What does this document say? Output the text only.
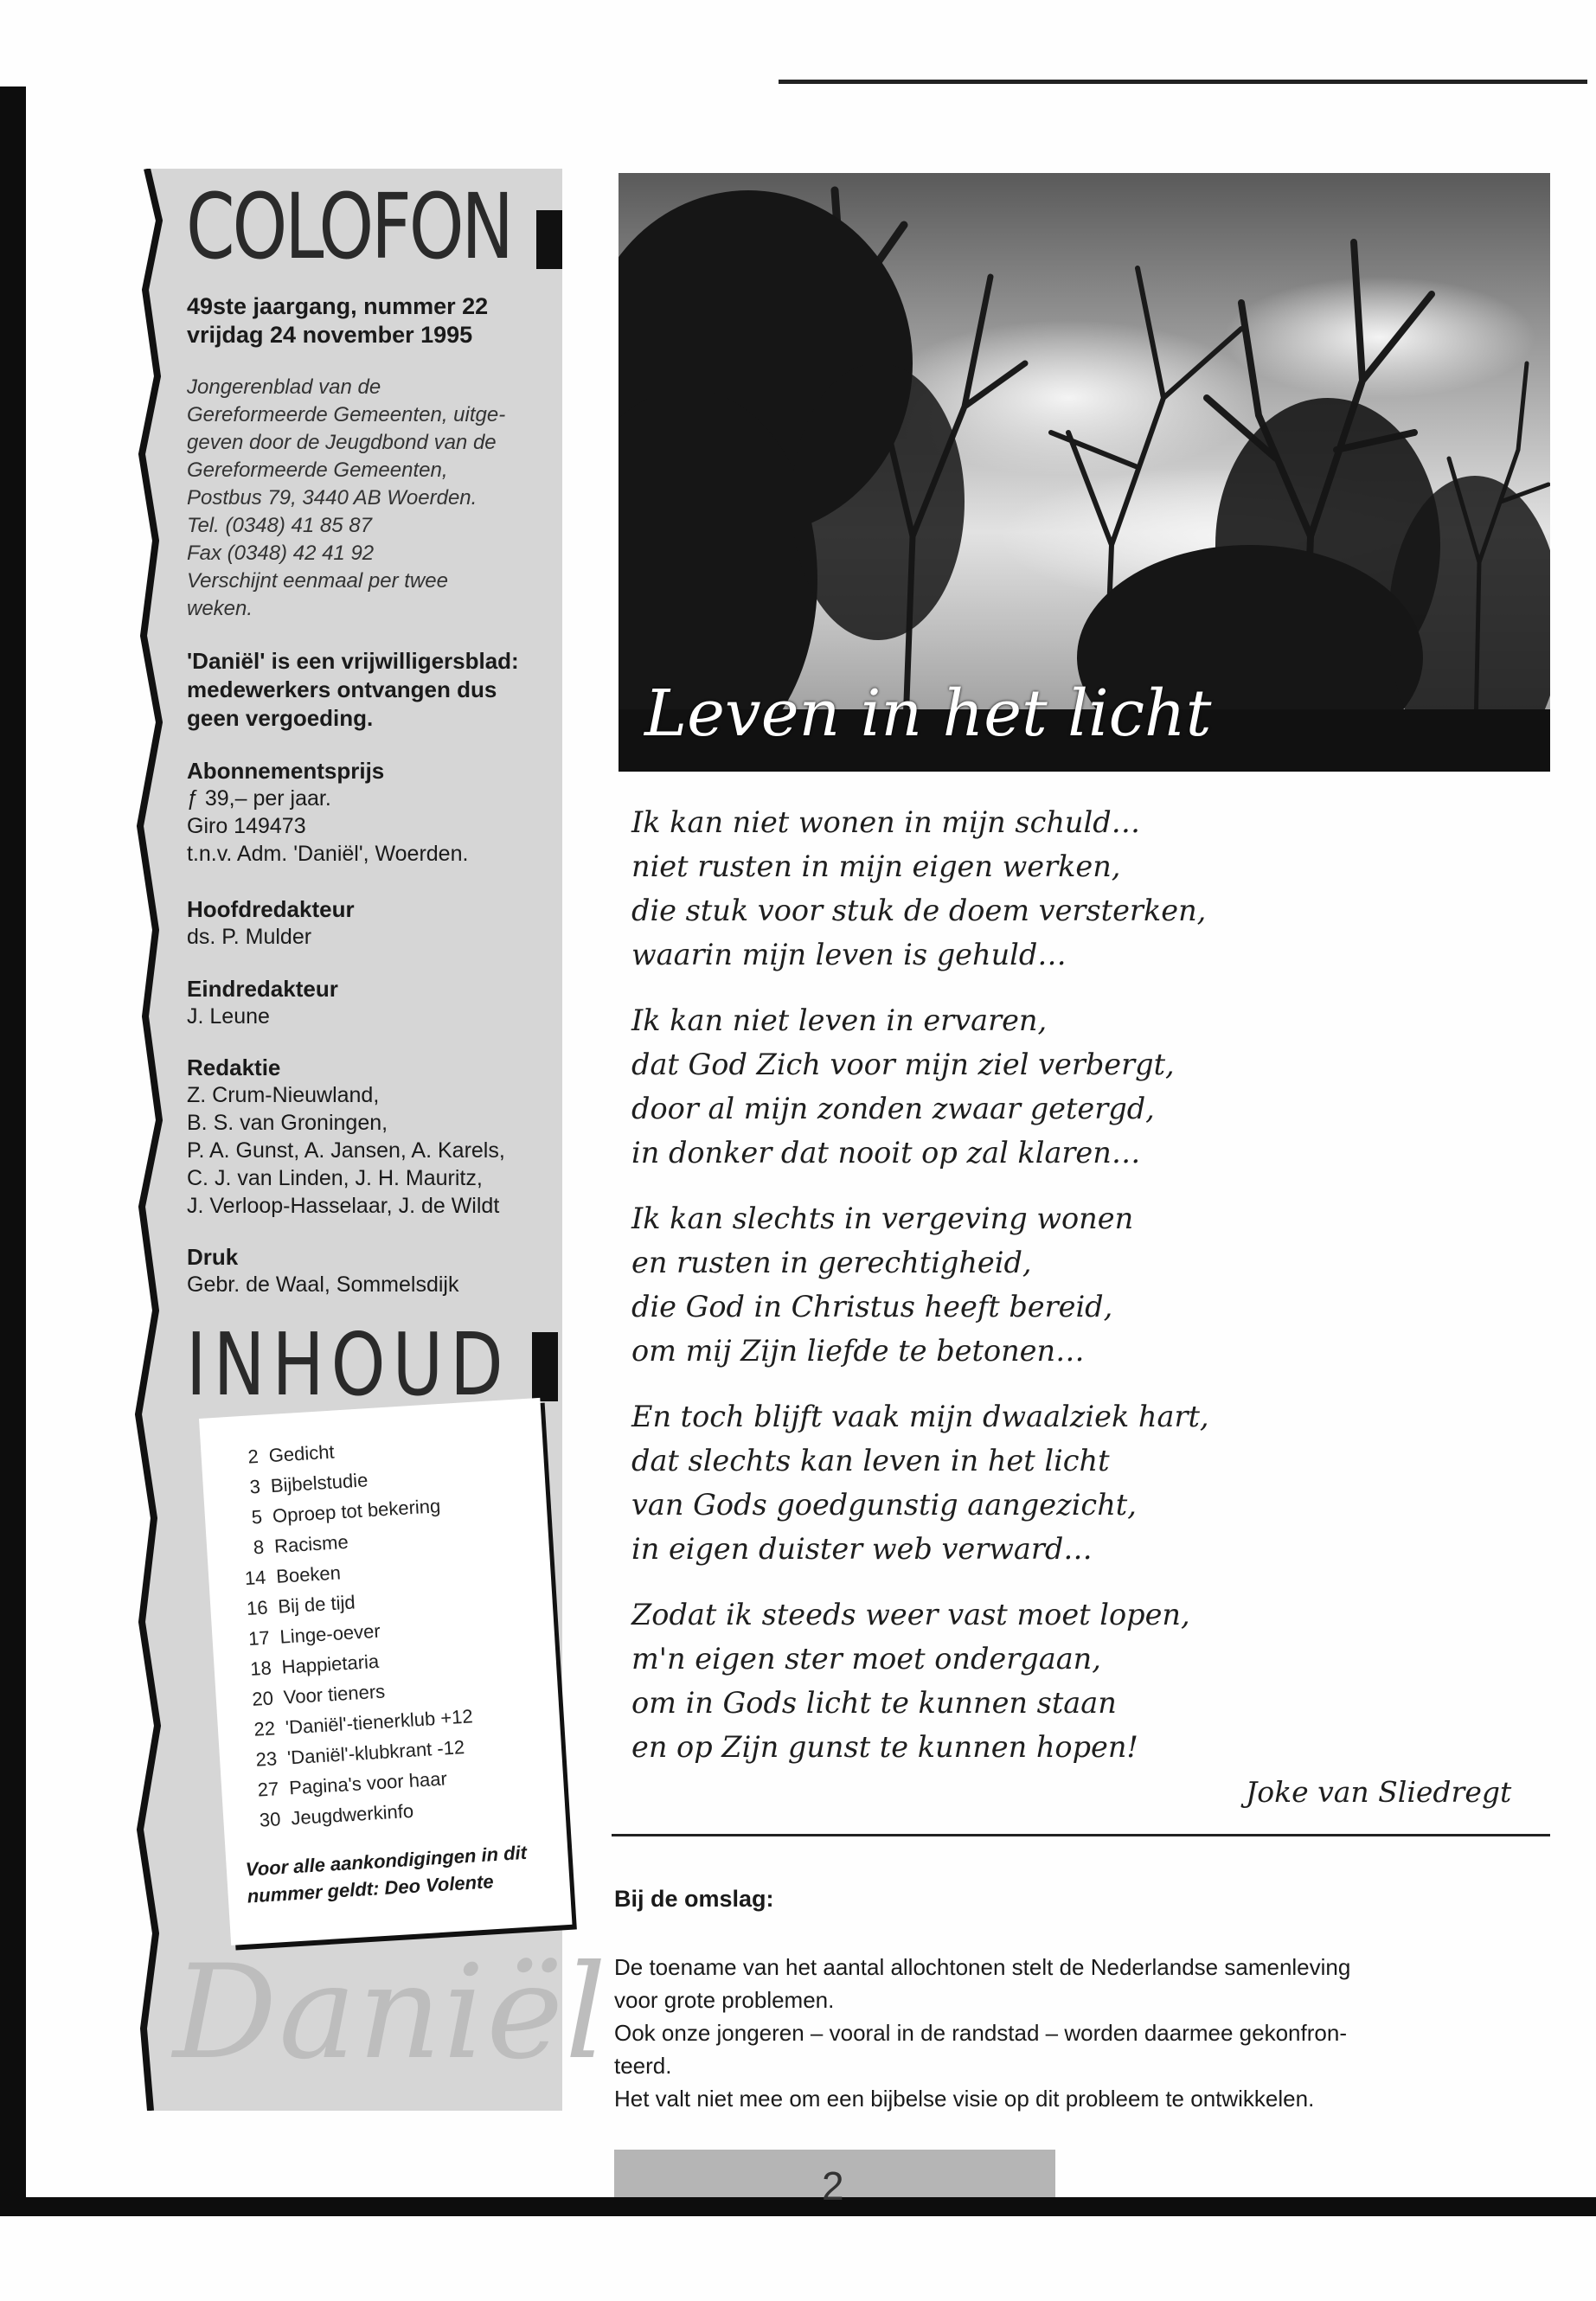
COLOFON
49ste jaargang, nummer 22
vrijdag 24 november 1995
Jongerenblad van de
Gereformeerde Gemeenten, uitge-
geven door de Jeugdbond van de
Gereformeerde Gemeenten,
Postbus 79, 3440 AB Woerden.
Tel. (0348) 41 85 87
Fax (0348) 42 41 92
Verschijnt eenmaal per twee
weken.
'Daniël' is een vrijwilligersblad:
medewerkers ontvangen dus
geen vergoeding.
Abonnementsprijs
ƒ 39,– per jaar.
Giro 149473
t.n.v. Adm. 'Daniël', Woerden.
Hoofdredakteur
ds. P. Mulder
Eindredakteur
J. Leune
Redaktie
Z. Crum-Nieuwland,
B. S. van Groningen,
P. A. Gunst, A. Jansen, A. Karels,
C. J. van Linden, J. H. Mauritz,
J. Verloop-Hasselaar, J. de Wildt
Druk
Gebr. de Waal, Sommelsdijk
INHOUD
2 Gedicht
3 Bijbelstudie
5 Oproep tot bekering
8 Racisme
14 Boeken
16 Bij de tijd
17 Linge-oever
18 Happietaria
20 Voor tieners
22 'Daniël'-tienerklub +12
23 'Daniël'-klubkrant -12
27 Pagina's voor haar
30 Jeugdwerkinfo
Voor alle aankondigingen in dit
nummer geldt: Deo Volente
Daniël
Leven in het licht
Ik kan niet wonen in mijn schuld…
niet rusten in mijn eigen werken,
die stuk voor stuk de doem versterken,
waarin mijn leven is gehuld…
Ik kan niet leven in ervaren,
dat God Zich voor mijn ziel verbergt,
door al mijn zonden zwaar getergd,
in donker dat nooit op zal klaren…
Ik kan slechts in vergeving wonen
en rusten in gerechtigheid,
die God in Christus heeft bereid,
om mij Zijn liefde te betonen…
En toch blijft vaak mijn dwaalziek hart,
dat slechts kan leven in het licht
van Gods goedgunstig aangezicht,
in eigen duister web verward…
Zodat ik steeds weer vast moet lopen,
m'n eigen ster moet ondergaan,
om in Gods licht te kunnen staan
en op Zijn gunst te kunnen hopen!
Joke van Sliedregt
Bij de omslag:
De toename van het aantal allochtonen stelt de Nederlandse samenleving
voor grote problemen.
Ook onze jongeren – vooral in de randstad – worden daarmee gekonfron-
teerd.
Het valt niet mee om een bijbelse visie op dit probleem te ontwikkelen.
2
